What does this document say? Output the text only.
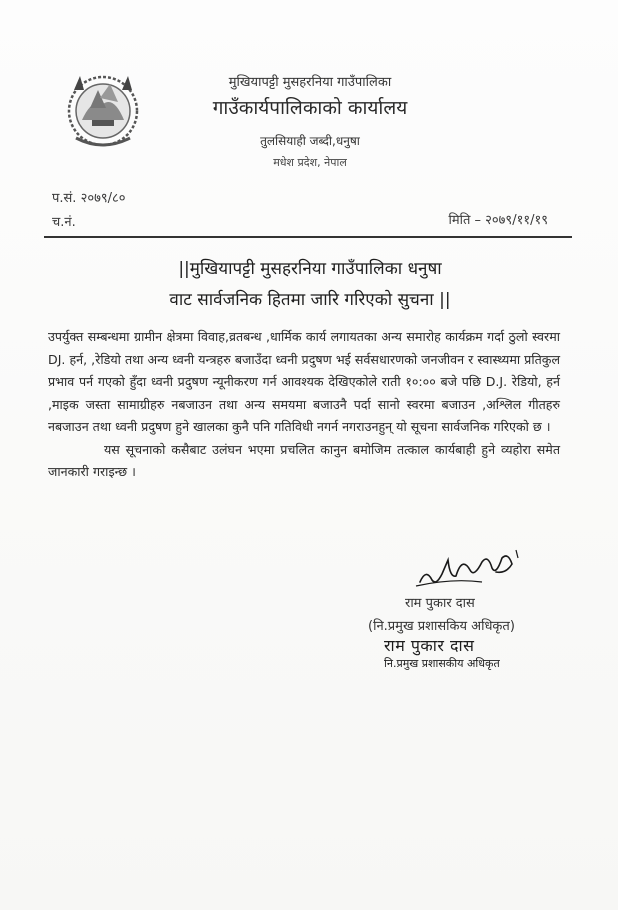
मुखियापट्टी मुसहरनिया गाउँपालिका
गाउँकार्यपालिकाको कार्यालय
तुलसियाही जब्दी,धनुषा
मधेश प्रदेश, नेपाल
प.सं. २०७९/८०
च.नं.	मिति – २०७९/११/१९
||मुखियापट्टी मुसहरनिया गाउँपालिका धनुषा
वाट सार्वजनिक हितमा जारि गरिएको सुचना ||

उपर्युक्त सम्बन्धमा ग्रामीन क्षेत्रमा विवाह,व्रतबन्ध ,धार्मिक कार्य लगायतका अन्य समारोह कार्यक्रम गर्दा ठुलो स्वरमा DJ. हर्न, ,रेडियो तथा अन्य ध्वनी यन्त्रहरु बजाउँदा ध्वनी प्रदुषण भई सर्वसधारणको जनजीवन र स्वास्थ्यमा प्रतिकुल प्रभाव पर्न गएको हुँदा ध्वनी प्रदुषण न्यूनीकरण गर्न आवश्यक देखिएकोले राती १०:०० बजे पछि D.J. रेडियो, हर्न ,माइक जस्ता सामाग्रीहरु नबजाउन तथा अन्य समयमा बजाउनै पर्दा सानो स्वरमा बजाउन ,अश्लिल गीतहरु नबजाउन तथा ध्वनी प्रदुषण हुने खालका कुनै पनि गतिविधी नगर्न नगराउनहुन् यो सूचना सार्वजनिक गरिएको छ ।

यस सूचनाको कसैबाट उलंघन भएमा प्रचलित कानुन बमोजिम तत्काल कार्यबाही हुने व्यहोरा समेत जानकारी गराइन्छ ।

राम पुकार दास
(नि.प्रमुख प्रशासकिय अधिकृत)
राम पुकार दास
नि.प्रमुख प्रशासकीय अधिकृत
